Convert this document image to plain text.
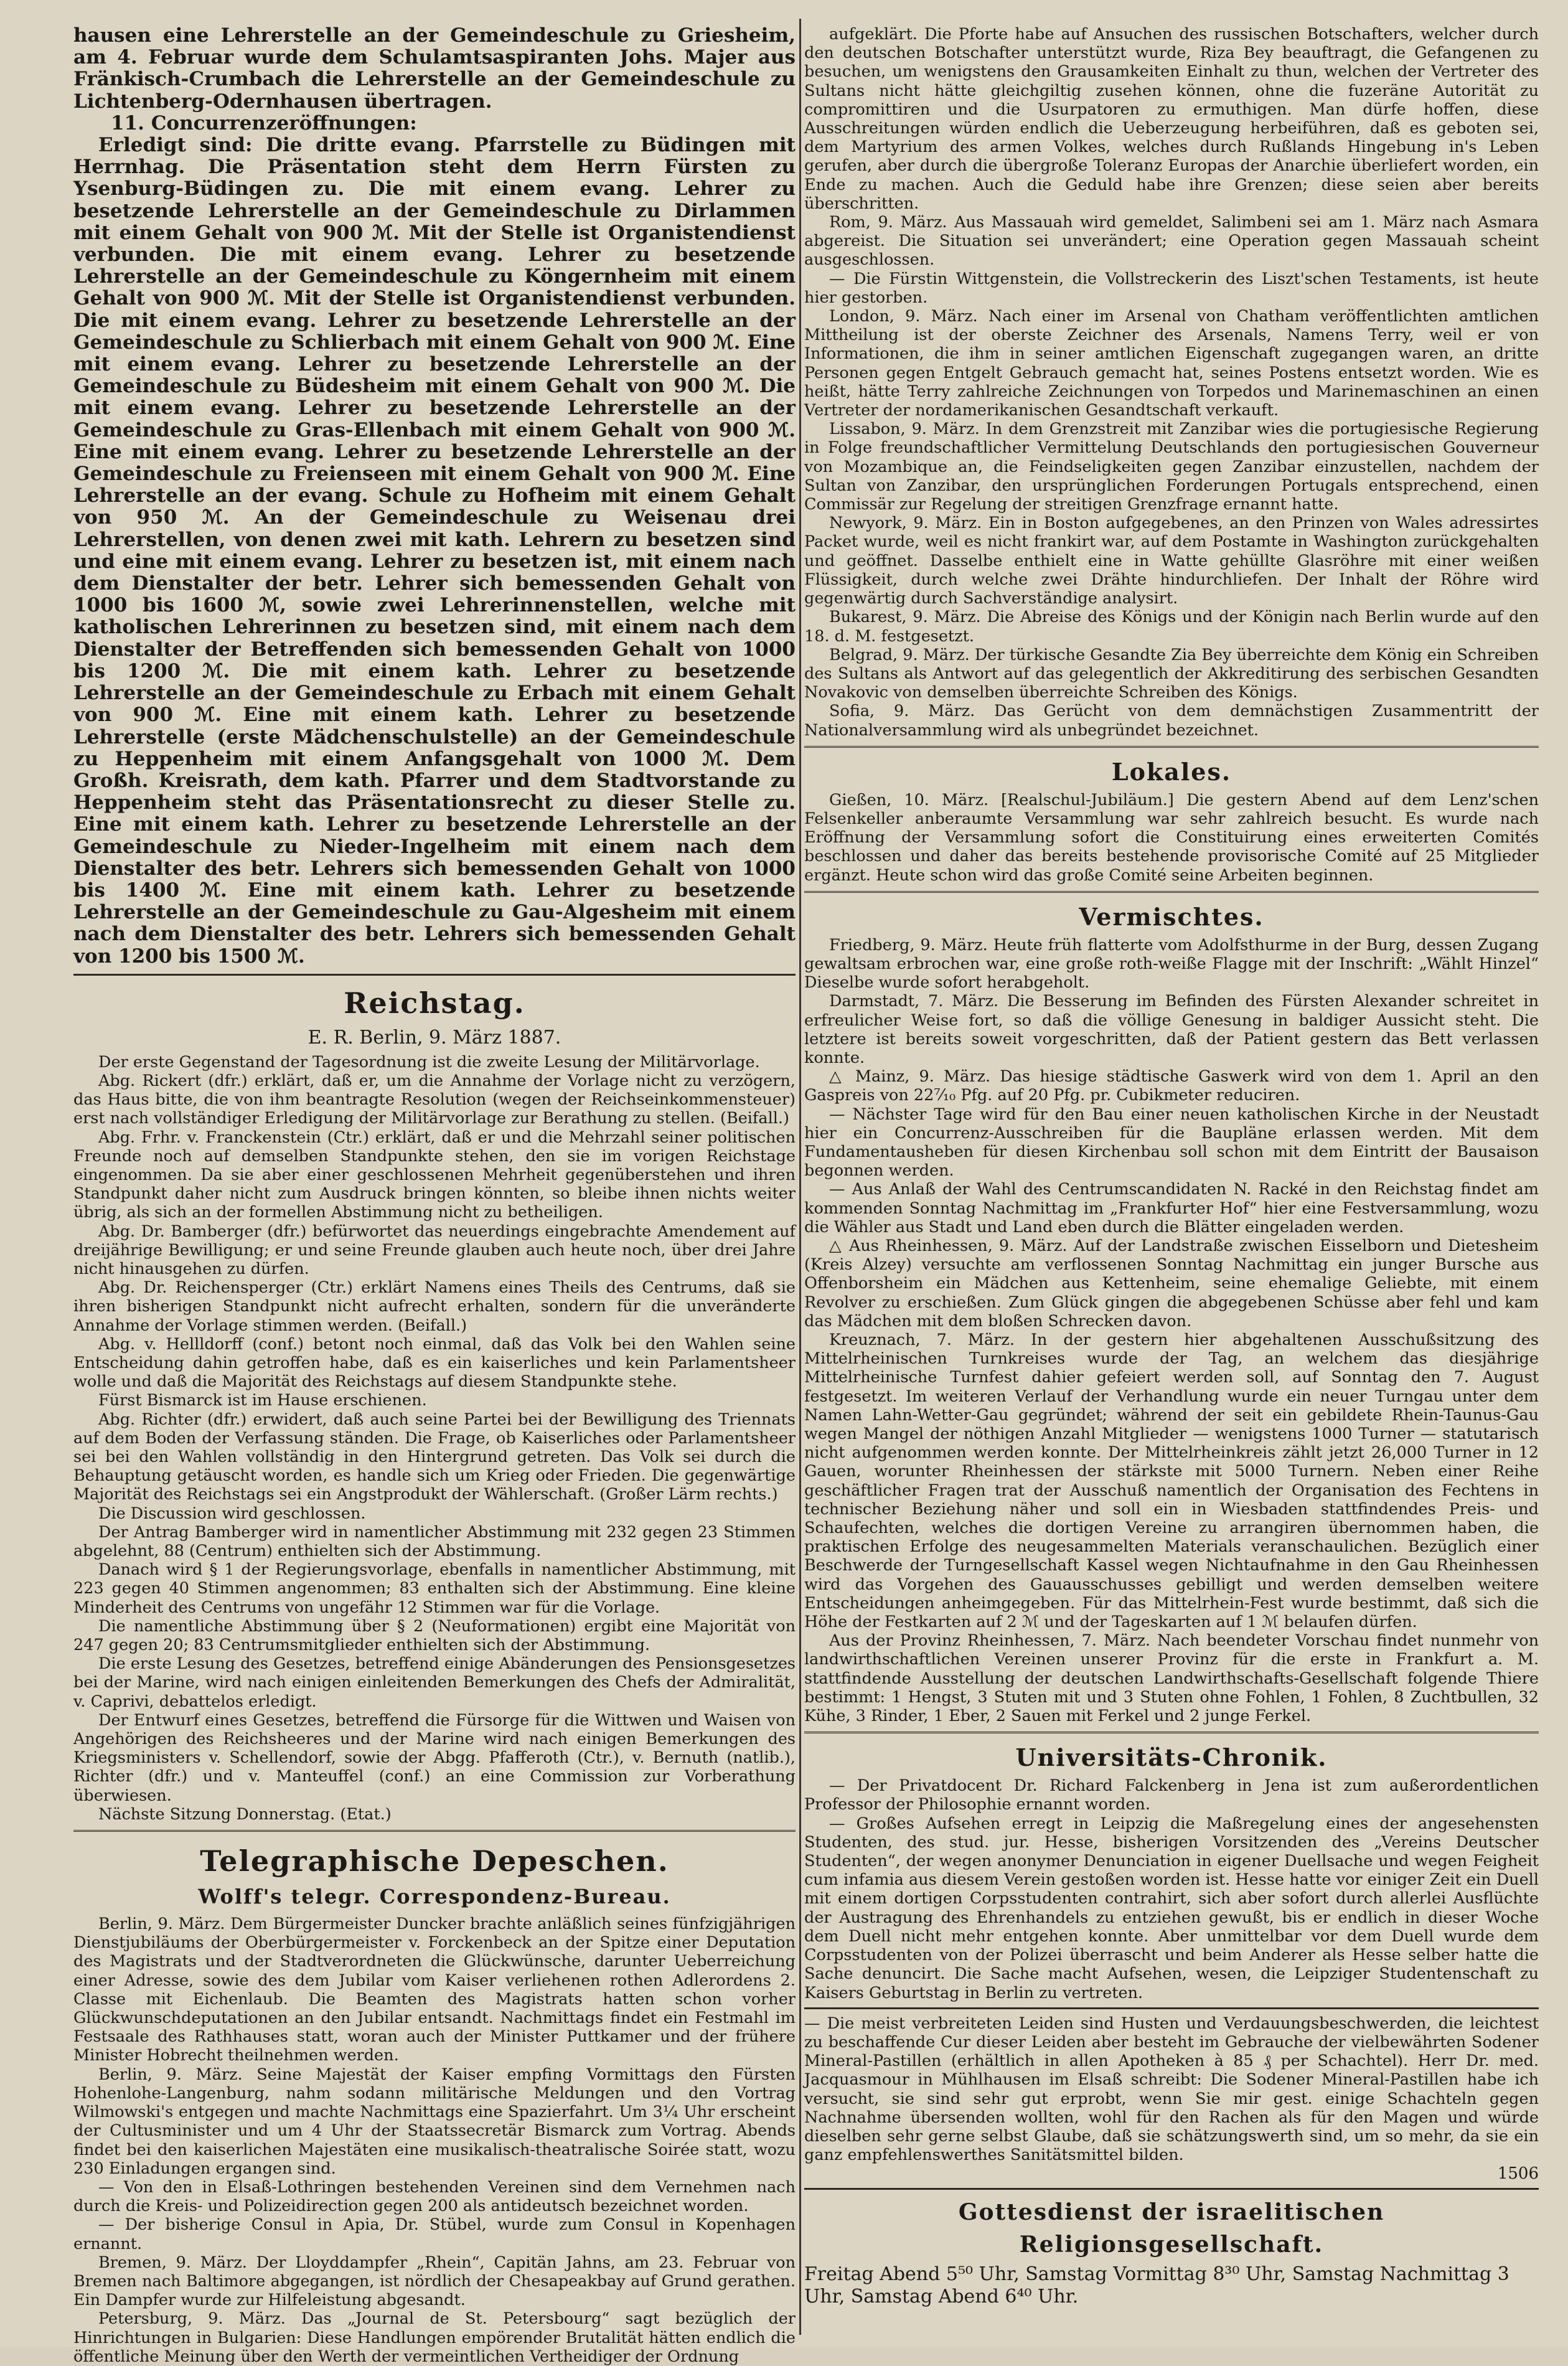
hausen eine Lehrerstelle an der Gemeindeschule zu Griesheim, am 4. Februar wurde dem Schulamtsaspiranten Johs. Majer aus Fränkisch-Crumbach die Lehrerstelle an der Gemeindeschule zu Lichtenberg-Odernhausen übertragen.

11. Concurrenzeröffnungen:

Erledigt sind: Die dritte evang. Pfarrstelle zu Büdingen mit Herrnhag. Die Präsentation steht dem Herrn Fürsten zu Ysenburg-Büdingen zu. Die mit einem evang. Lehrer zu besetzende Lehrerstelle an der Gemeindeschule zu Dirlammen mit einem Gehalt von 900 ℳ. Mit der Stelle ist Organistendienst verbunden. Die mit einem evang. Lehrer zu besetzende Lehrerstelle an der Gemeindeschule zu Köngernheim mit einem Gehalt von 900 ℳ. Mit der Stelle ist Organistendienst verbunden. Die mit einem evang. Lehrer zu besetzende Lehrerstelle an der Gemeindeschule zu Schlierbach mit einem Gehalt von 900 ℳ. Eine mit einem evang. Lehrer zu besetzende Lehrerstelle an der Gemeindeschule zu Büdesheim mit einem Gehalt von 900 ℳ. Die mit einem evang. Lehrer zu besetzende Lehrerstelle an der Gemeindeschule zu Gras-Ellenbach mit einem Gehalt von 900 ℳ. Eine mit einem evang. Lehrer zu besetzende Lehrerstelle an der Gemeindeschule zu Freienseen mit einem Gehalt von 900 ℳ. Eine Lehrerstelle an der evang. Schule zu Hofheim mit einem Gehalt von 950 ℳ. An der Gemeindeschule zu Weisenau drei Lehrerstellen, von denen zwei mit kath. Lehrern zu besetzen sind und eine mit einem evang. Lehrer zu besetzen ist, mit einem nach dem Dienstalter der betr. Lehrer sich bemessenden Gehalt von 1000 bis 1600 ℳ, sowie zwei Lehrerinnenstellen, welche mit katholischen Lehrerinnen zu besetzen sind, mit einem nach dem Dienstalter der Betreffenden sich bemessenden Gehalt von 1000 bis 1200 ℳ. Die mit einem kath. Lehrer zu besetzende Lehrerstelle an der Gemeindeschule zu Erbach mit einem Gehalt von 900 ℳ. Eine mit einem kath. Lehrer zu besetzende Lehrerstelle (erste Mädchenschulstelle) an der Gemeindeschule zu Heppenheim mit einem Anfangsgehalt von 1000 ℳ. Dem Großh. Kreisrath, dem kath. Pfarrer und dem Stadtvorstande zu Heppenheim steht das Präsentationsrecht zu dieser Stelle zu. Eine mit einem kath. Lehrer zu besetzende Lehrerstelle an der Gemeindeschule zu Nieder-Ingelheim mit einem nach dem Dienstalter des betr. Lehrers sich bemessenden Gehalt von 1000 bis 1400 ℳ. Eine mit einem kath. Lehrer zu besetzende Lehrerstelle an der Gemeindeschule zu Gau-Algesheim mit einem nach dem Dienstalter des betr. Lehrers sich bemessenden Gehalt von 1200 bis 1500 ℳ.

Reichstag.
E. R. Berlin, 9. März 1887.

Der erste Gegenstand der Tagesordnung ist die zweite Lesung der Militärvorlage.

Abg. Rickert (dfr.) erklärt, daß er, um die Annahme der Vorlage nicht zu verzögern, das Haus bitte, die von ihm beantragte Resolution (wegen der Reichseinkommensteuer) erst nach vollständiger Erledigung der Militärvorlage zur Berathung zu stellen. (Beifall.)

Abg. Frhr. v. Franckenstein (Ctr.) erklärt, daß er und die Mehrzahl seiner politischen Freunde noch auf demselben Standpunkte stehen, den sie im vorigen Reichstage eingenommen. Da sie aber einer geschlossenen Mehrheit gegenüberstehen und ihren Standpunkt daher nicht zum Ausdruck bringen könnten, so bleibe ihnen nichts weiter übrig, als sich an der formellen Abstimmung nicht zu betheiligen.

Abg. Dr. Bamberger (dfr.) befürwortet das neuerdings eingebrachte Amendement auf dreijährige Bewilligung; er und seine Freunde glauben auch heute noch, über drei Jahre nicht hinausgehen zu dürfen.

Abg. Dr. Reichensperger (Ctr.) erklärt Namens eines Theils des Centrums, daß sie ihren bisherigen Standpunkt nicht aufrecht erhalten, sondern für die unveränderte Annahme der Vorlage stimmen werden. (Beifall.)

Abg. v. Hellldorff (conf.) betont noch einmal, daß das Volk bei den Wahlen seine Entscheidung dahin getroffen habe, daß es ein kaiserliches und kein Parlamentsheer wolle und daß die Majorität des Reichstags auf diesem Standpunkte stehe.

Fürst Bismarck ist im Hause erschienen.

Abg. Richter (dfr.) erwidert, daß auch seine Partei bei der Bewilligung des Triennats auf dem Boden der Verfassung ständen. Die Frage, ob Kaiserliches oder Parlamentsheer sei bei den Wahlen vollständig in den Hintergrund getreten. Das Volk sei durch die Behauptung getäuscht worden, es handle sich um Krieg oder Frieden. Die gegenwärtige Majorität des Reichstags sei ein Angstprodukt der Wählerschaft. (Großer Lärm rechts.)

Die Discussion wird geschlossen.

Der Antrag Bamberger wird in namentlicher Abstimmung mit 232 gegen 23 Stimmen abgelehnt, 88 (Centrum) enthielten sich der Abstimmung.

Danach wird § 1 der Regierungsvorlage, ebenfalls in namentlicher Abstimmung, mit 223 gegen 40 Stimmen angenommen; 83 enthalten sich der Abstimmung. Eine kleine Minderheit des Centrums von ungefähr 12 Stimmen war für die Vorlage.

Die namentliche Abstimmung über § 2 (Neuformationen) ergibt eine Majorität von 247 gegen 20; 83 Centrumsmitglieder enthielten sich der Abstimmung.

Die erste Lesung des Gesetzes, betreffend einige Abänderungen des Pensionsgesetzes bei der Marine, wird nach einigen einleitenden Bemerkungen des Chefs der Admiralität, v. Caprivi, debattelos erledigt.

Der Entwurf eines Gesetzes, betreffend die Fürsorge für die Wittwen und Waisen von Angehörigen des Reichsheeres und der Marine wird nach einigen Bemerkungen des Kriegsministers v. Schellendorf, sowie der Abgg. Pfafferoth (Ctr.), v. Bernuth (natlib.), Richter (dfr.) und v. Manteuffel (conf.) an eine Commission zur Vorberathung überwiesen.

Nächste Sitzung Donnerstag. (Etat.)

Telegraphische Depeschen.
Wolff's telegr. Correspondenz-Bureau.

Berlin, 9. März. Dem Bürgermeister Duncker brachte anläßlich seines fünfzigjährigen Dienstjubiläums der Oberbürgermeister v. Forckenbeck an der Spitze einer Deputation des Magistrats und der Stadtverordneten die Glückwünsche, darunter Ueberreichung einer Adresse, sowie des dem Jubilar vom Kaiser verliehenen rothen Adlerordens 2. Classe mit Eichenlaub. Die Beamten des Magistrats hatten schon vorher Glückwunschdeputationen an den Jubilar entsandt. Nachmittags findet ein Festmahl im Festsaale des Rathhauses statt, woran auch der Minister Puttkamer und der frühere Minister Hobrecht theilnehmen werden.

Berlin, 9. März. Seine Majestät der Kaiser empfing Vormittags den Fürsten Hohenlohe-Langenburg, nahm sodann militärische Meldungen und den Vortrag Wilmowski's entgegen und machte Nachmittags eine Spazierfahrt. Um 3¼ Uhr erscheint der Cultusminister und um 4 Uhr der Staatssecretär Bismarck zum Vortrag. Abends findet bei den kaiserlichen Majestäten eine musikalisch-theatralische Soirée statt, wozu 230 Einladungen ergangen sind.

— Von den in Elsaß-Lothringen bestehenden Vereinen sind dem Vernehmen nach durch die Kreis- und Polizeidirection gegen 200 als antideutsch bezeichnet worden.

— Der bisherige Consul in Apia, Dr. Stübel, wurde zum Consul in Kopenhagen ernannt.

Bremen, 9. März. Der Lloyddampfer „Rhein“, Capitän Jahns, am 23. Februar von Bremen nach Baltimore abgegangen, ist nördlich der Chesapeakbay auf Grund gerathen. Ein Dampfer wurde zur Hilfeleistung abgesandt.

Petersburg, 9. März. Das „Journal de St. Petersbourg“ sagt bezüglich der Hinrichtungen in Bulgarien: Diese Handlungen empörender Brutalität hätten endlich die öffentliche Meinung über den Werth der vermeintlichen Vertheidiger der Ordnung

aufgeklärt. Die Pforte habe auf Ansuchen des russischen Botschafters, welcher durch den deutschen Botschafter unterstützt wurde, Riza Bey beauftragt, die Gefangenen zu besuchen, um wenigstens den Grausamkeiten Einhalt zu thun, welchen der Vertreter des Sultans nicht hätte gleichgiltig zusehen können, ohne die fuzeräne Autorität zu compromittiren und die Usurpatoren zu ermuthigen. Man dürfe hoffen, diese Ausschreitungen würden endlich die Ueberzeugung herbeiführen, daß es geboten sei, dem Martyrium des armen Volkes, welches durch Rußlands Hingebung in's Leben gerufen, aber durch die übergroße Toleranz Europas der Anarchie überliefert worden, ein Ende zu machen. Auch die Geduld habe ihre Grenzen; diese seien aber bereits überschritten.

Rom, 9. März. Aus Massauah wird gemeldet, Salimbeni sei am 1. März nach Asmara abgereist. Die Situation sei unverändert; eine Operation gegen Massauah scheint ausgeschlossen.

— Die Fürstin Wittgenstein, die Vollstreckerin des Liszt'schen Testaments, ist heute hier gestorben.

London, 9. März. Nach einer im Arsenal von Chatham veröffentlichten amtlichen Mittheilung ist der oberste Zeichner des Arsenals, Namens Terry, weil er von Informationen, die ihm in seiner amtlichen Eigenschaft zugegangen waren, an dritte Personen gegen Entgelt Gebrauch gemacht hat, seines Postens entsetzt worden. Wie es heißt, hätte Terry zahlreiche Zeichnungen von Torpedos und Marinemaschinen an einen Vertreter der nordamerikanischen Gesandtschaft verkauft.

Lissabon, 9. März. In dem Grenzstreit mit Zanzibar wies die portugiesische Regierung in Folge freundschaftlicher Vermittelung Deutschlands den portugiesischen Gouverneur von Mozambique an, die Feindseligkeiten gegen Zanzibar einzustellen, nachdem der Sultan von Zanzibar, den ursprünglichen Forderungen Portugals entsprechend, einen Commissär zur Regelung der streitigen Grenzfrage ernannt hatte.

Newyork, 9. März. Ein in Boston aufgegebenes, an den Prinzen von Wales adressirtes Packet wurde, weil es nicht frankirt war, auf dem Postamte in Washington zurückgehalten und geöffnet. Dasselbe enthielt eine in Watte gehüllte Glasröhre mit einer weißen Flüssigkeit, durch welche zwei Drähte hindurchliefen. Der Inhalt der Röhre wird gegenwärtig durch Sachverständige analysirt.

Bukarest, 9. März. Die Abreise des Königs und der Königin nach Berlin wurde auf den 18. d. M. festgesetzt.

Belgrad, 9. März. Der türkische Gesandte Zia Bey überreichte dem König ein Schreiben des Sultans als Antwort auf das gelegentlich der Akkreditirung des serbischen Gesandten Novakovic von demselben überreichte Schreiben des Königs.

Sofia, 9. März. Das Gerücht von dem demnächstigen Zusammentritt der Nationalversammlung wird als unbegründet bezeichnet.

Lokales.

Gießen, 10. März. [Realschul-Jubiläum.] Die gestern Abend auf dem Lenz'schen Felsenkeller anberaumte Versammlung war sehr zahlreich besucht. Es wurde nach Eröffnung der Versammlung sofort die Constituirung eines erweiterten Comités beschlossen und daher das bereits bestehende provisorische Comité auf 25 Mitglieder ergänzt. Heute schon wird das große Comité seine Arbeiten beginnen.

Vermischtes.

Friedberg, 9. März. Heute früh flatterte vom Adolfsthurme in der Burg, dessen Zugang gewaltsam erbrochen war, eine große roth-weiße Flagge mit der Inschrift: „Wählt Hinzel“ Dieselbe wurde sofort herabgeholt.

Darmstadt, 7. März. Die Besserung im Befinden des Fürsten Alexander schreitet in erfreulicher Weise fort, so daß die völlige Genesung in baldiger Aussicht steht. Die letztere ist bereits soweit vorgeschritten, daß der Patient gestern das Bett verlassen konnte.

△ Mainz, 9. März. Das hiesige städtische Gaswerk wird von dem 1. April an den Gaspreis von 22⁷⁄₁₀ Pfg. auf 20 Pfg. pr. Cubikmeter reduciren.

— Nächster Tage wird für den Bau einer neuen katholischen Kirche in der Neustadt hier ein Concurrenz-Ausschreiben für die Baupläne erlassen werden. Mit dem Fundamentausheben für diesen Kirchenbau soll schon mit dem Eintritt der Bausaison begonnen werden.

— Aus Anlaß der Wahl des Centrumscandidaten N. Racké in den Reichstag findet am kommenden Sonntag Nachmittag im „Frankfurter Hof“ hier eine Festversammlung, wozu die Wähler aus Stadt und Land eben durch die Blätter eingeladen werden.

△ Aus Rheinhessen, 9. März. Auf der Landstraße zwischen Eisselborn und Dietesheim (Kreis Alzey) versuchte am verflossenen Sonntag Nachmittag ein junger Bursche aus Offenborsheim ein Mädchen aus Kettenheim, seine ehemalige Geliebte, mit einem Revolver zu erschießen. Zum Glück gingen die abgegebenen Schüsse aber fehl und kam das Mädchen mit dem bloßen Schrecken davon.

Kreuznach, 7. März. In der gestern hier abgehaltenen Ausschußsitzung des Mittelrheinischen Turnkreises wurde der Tag, an welchem das diesjährige Mittelrheinische Turnfest dahier gefeiert werden soll, auf Sonntag den 7. August festgesetzt. Im weiteren Verlauf der Verhandlung wurde ein neuer Turngau unter dem Namen Lahn-Wetter-Gau gegründet; während der seit ein gebildete Rhein-Taunus-Gau wegen Mangel der nöthigen Anzahl Mitglieder — wenigstens 1000 Turner — statutarisch nicht aufgenommen werden konnte. Der Mittelrheinkreis zählt jetzt 26,000 Turner in 12 Gauen, worunter Rheinhessen der stärkste mit 5000 Turnern. Neben einer Reihe geschäftlicher Fragen trat der Ausschuß namentlich der Organisation des Fechtens in technischer Beziehung näher und soll ein in Wiesbaden stattfindendes Preis- und Schaufechten, welches die dortigen Vereine zu arrangiren übernommen haben, die praktischen Erfolge des neugesammelten Materials veranschaulichen. Bezüglich einer Beschwerde der Turngesellschaft Kassel wegen Nichtaufnahme in den Gau Rheinhessen wird das Vorgehen des Gauausschusses gebilligt und werden demselben weitere Entscheidungen anheimgegeben. Für das Mittelrhein-Fest wurde bestimmt, daß sich die Höhe der Festkarten auf 2 ℳ und der Tageskarten auf 1 ℳ belaufen dürfen.

Aus der Provinz Rheinhessen, 7. März. Nach beendeter Vorschau findet nunmehr von landwirthschaftlichen Vereinen unserer Provinz für die erste in Frankfurt a. M. stattfindende Ausstellung der deutschen Landwirthschafts-Gesellschaft folgende Thiere bestimmt: 1 Hengst, 3 Stuten mit und 3 Stuten ohne Fohlen, 1 Fohlen, 8 Zuchtbullen, 32 Kühe, 3 Rinder, 1 Eber, 2 Sauen mit Ferkel und 2 junge Ferkel.

Universitäts-Chronik.

— Der Privatdocent Dr. Richard Falckenberg in Jena ist zum außerordentlichen Professor der Philosophie ernannt worden.

— Großes Aufsehen erregt in Leipzig die Maßregelung eines der angesehensten Studenten, des stud. jur. Hesse, bisherigen Vorsitzenden des „Vereins Deutscher Studenten“, der wegen anonymer Denunciation in eigener Duellsache und wegen Feigheit cum infamia aus diesem Verein gestoßen worden ist. Hesse hatte vor einiger Zeit ein Duell mit einem dortigen Corpsstudenten contrahirt, sich aber sofort durch allerlei Ausflüchte der Austragung des Ehrenhandels zu entziehen gewußt, bis er endlich in dieser Woche dem Duell nicht mehr entgehen konnte. Aber unmittelbar vor dem Duell wurde dem Corpsstudenten von der Polizei überrascht und beim Anderer als Hesse selber hatte die Sache denuncirt. Die Sache macht Aufsehen, wesen, die Leipziger Studentenschaft zu Kaisers Geburtstag in Berlin zu vertreten.

— Die meist verbreiteten Leiden sind Husten und Verdauungsbeschwerden, die leichtest zu beschaffende Cur dieser Leiden aber besteht im Gebrauche der vielbewährten Sodener Mineral-Pastillen (erhältlich in allen Apotheken à 85 ₰ per Schachtel). Herr Dr. med. Jacquasmour in Mühlhausen im Elsaß schreibt: Die Sodener Mineral-Pastillen habe ich versucht, sie sind sehr gut erprobt, wenn Sie mir gest. einige Schachteln gegen Nachnahme übersenden wollten, wohl für den Rachen als für den Magen und würde dieselben sehr gerne selbst Glaube, daß sie schätzungswerth sind, um so mehr, da sie ein ganz empfehlenswerthes Sanitätsmittel bilden.

1506
Gottesdienst der israelitischen Religionsgesellschaft.

Freitag Abend 5⁵⁰ Uhr, Samstag Vormittag 8³⁰ Uhr, Samstag Nachmittag 3 Uhr, Samstag Abend 6⁴⁰ Uhr.
